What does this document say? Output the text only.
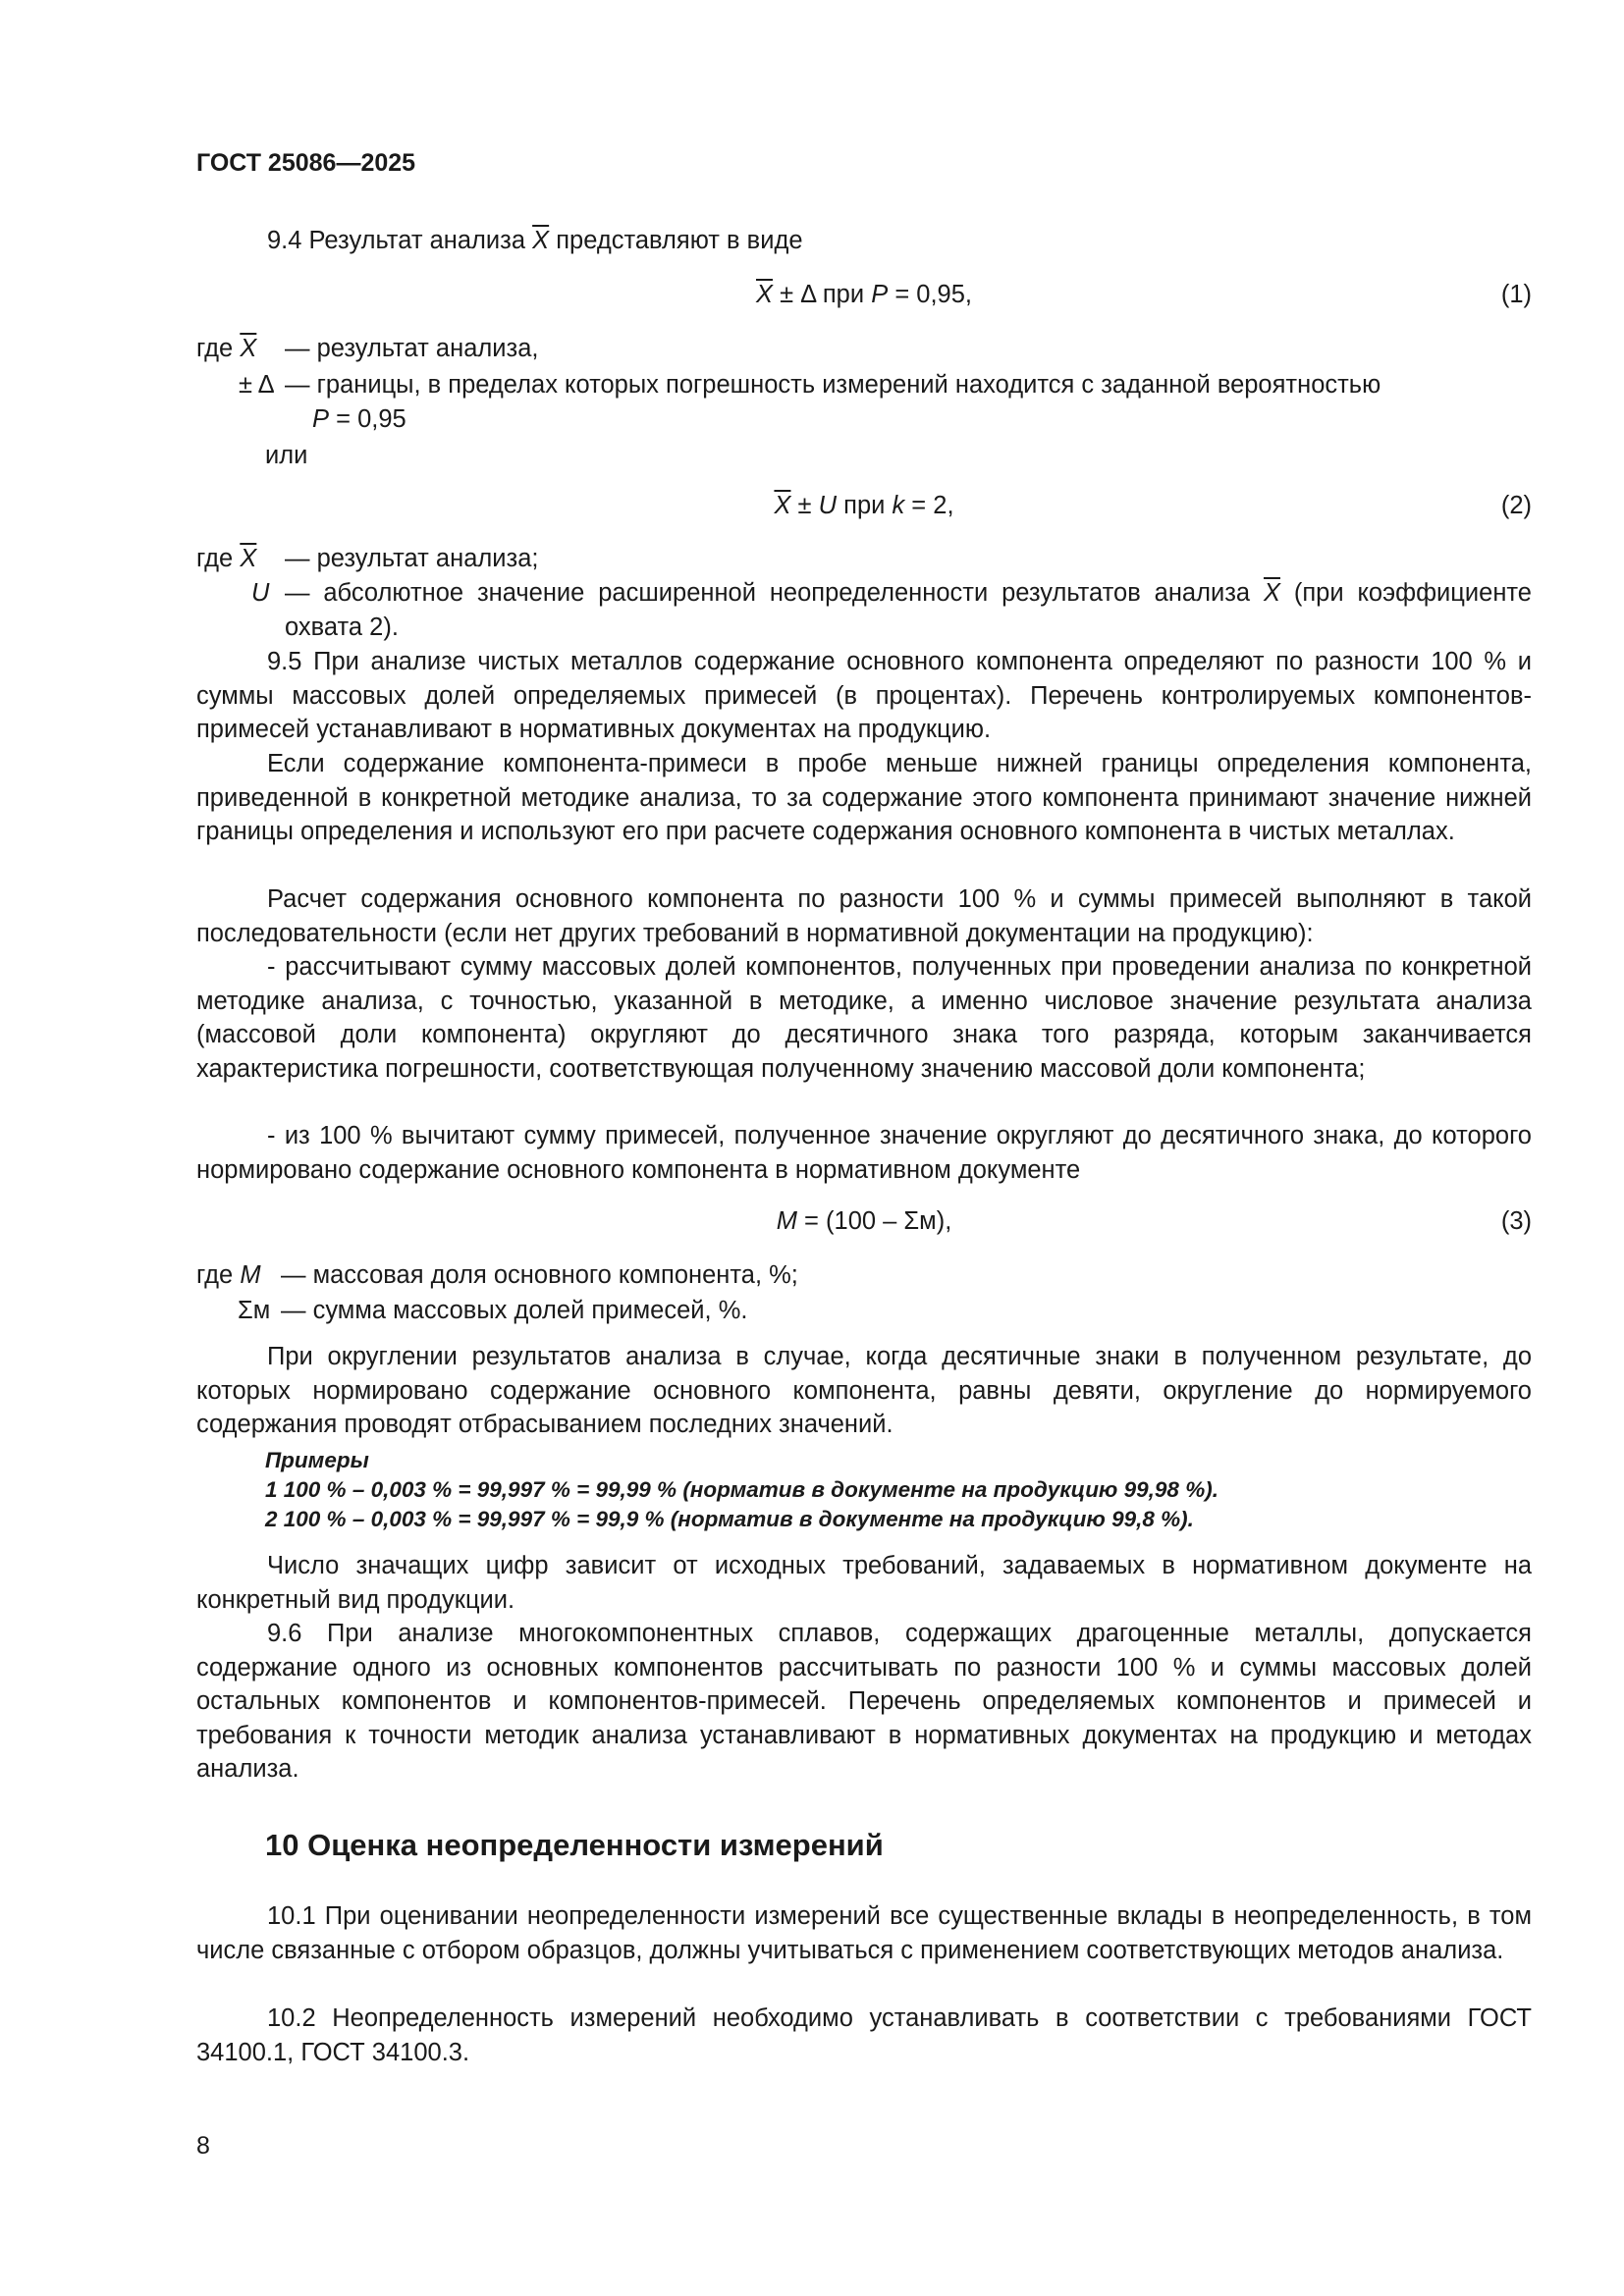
ГОСТ 25086—2025
9.4 Результат анализа $\overline{X}$ представляют в виде
$\overline{X} \pm \Delta$ при P = 0,95,	(1)
где $\overline{X}$ — результат анализа,
± Δ — границы, в пределах которых погрешность измерений находится с заданной вероятностью
P = 0,95
или
$\overline{X} \pm U$ при k = 2,	(2)
где $\overline{X}$ — результат анализа;
U — абсолютное значение расширенной неопределенности результатов анализа $\overline{X}$ (при коэффициенте охвата 2).
9.5 При анализе чистых металлов содержание основного компонента определяют по разности 100 % и суммы массовых долей определяемых примесей (в процентах). Перечень контролируемых компонентов-примесей устанавливают в нормативных документах на продукцию.
Если содержание компонента-примеси в пробе меньше нижней границы определения компонента, приведенной в конкретной методике анализа, то за содержание этого компонента принимают значение нижней границы определения и используют его при расчете содержания основного компонента в чистых металлах.
Расчет содержания основного компонента по разности 100 % и суммы примесей выполняют в такой последовательности (если нет других требований в нормативной документации на продукцию):
- рассчитывают сумму массовых долей компонентов, полученных при проведении анализа по конкретной методике анализа, с точностью, указанной в методике, а именно числовое значение результата анализа (массовой доли компонента) округляют до десятичного знака того разряда, которым заканчивается характеристика погрешности, соответствующая полученному значению массовой доли компонента;
- из 100 % вычитают сумму примесей, полученное значение округляют до десятичного знака, до которого нормировано содержание основного компонента в нормативном документе
M = (100 – Σм),	(3)
где M — массовая доля основного компонента, %;
Σм — сумма массовых долей примесей, %.
При округлении результатов анализа в случае, когда десятичные знаки в полученном результате, до которых нормировано содержание основного компонента, равны девяти, округление до нормируемого содержания проводят отбрасыванием последних значений.
Примеры
1 100 % – 0,003 % = 99,997 % = 99,99 % (норматив в документе на продукцию 99,98 %).
2 100 % – 0,003 % = 99,997 % = 99,9 % (норматив в документе на продукцию 99,8 %).
Число значащих цифр зависит от исходных требований, задаваемых в нормативном документе на конкретный вид продукции.
9.6 При анализе многокомпонентных сплавов, содержащих драгоценные металлы, допускается содержание одного из основных компонентов рассчитывать по разности 100 % и суммы массовых долей остальных компонентов и компонентов-примесей. Перечень определяемых компонентов и примесей и требования к точности методик анализа устанавливают в нормативных документах на продукцию и методах анализа.
10 Оценка неопределенности измерений
10.1 При оценивании неопределенности измерений все существенные вклады в неопределенность, в том числе связанные с отбором образцов, должны учитываться с применением соответствующих методов анализа.
10.2 Неопределенность измерений необходимо устанавливать в соответствии с требованиями ГОСТ 34100.1, ГОСТ 34100.3.
8
